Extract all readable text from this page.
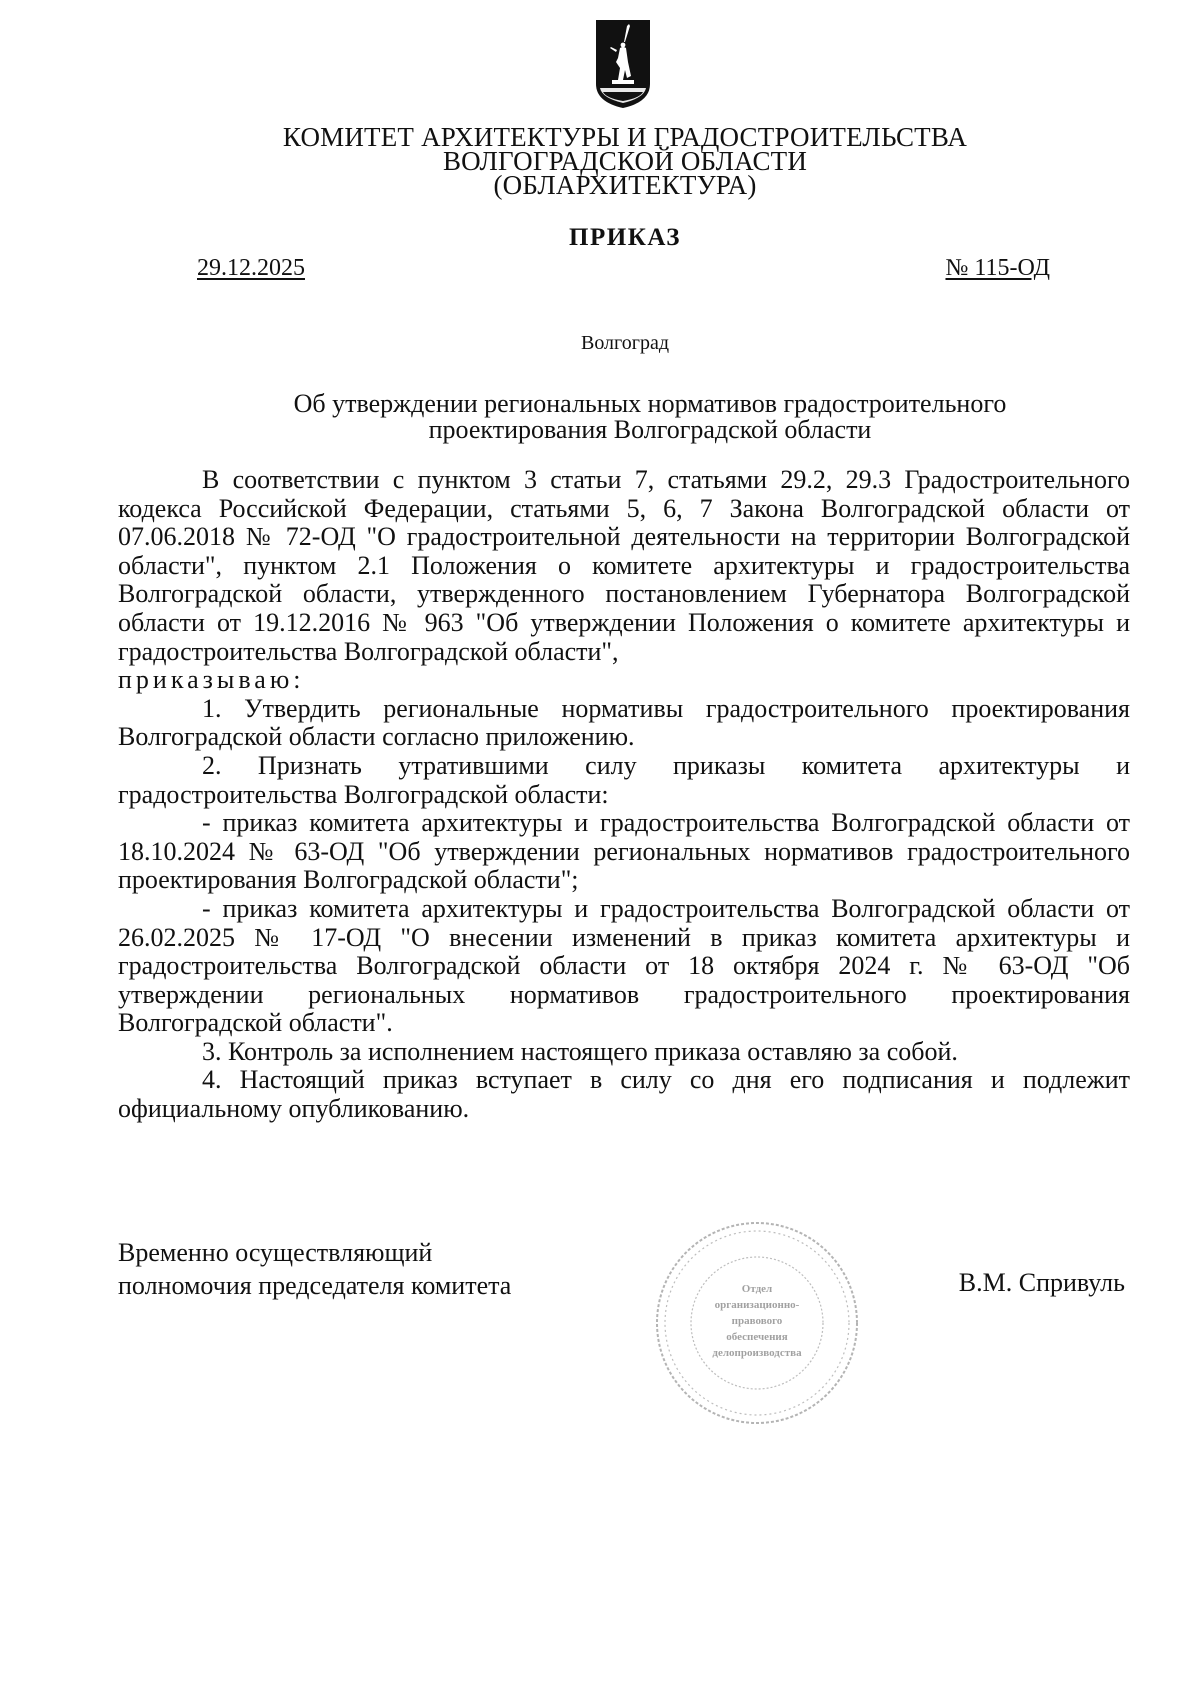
КОМИТЕТ АРХИТЕКТУРЫ И ГРАДОСТРОИТЕЛЬСТВА
ВОЛГОГРАДСКОЙ ОБЛАСТИ
(ОБЛАРХИТЕКТУРА)
ПРИКАЗ
29.12.2025	№ 115-ОД
Волгоград
Об утверждении региональных нормативов градостроительного
проектирования Волгоградской области

В соответствии с пунктом 3 статьи 7, статьями 29.2, 29.3 Градостроительного кодекса Российской Федерации, статьями 5, 6, 7 Закона Волгоградской области от 07.06.2018 № 72-ОД "О градостроительной деятельности на территории Волгоградской области", пунктом 2.1 Положения о комитете архитектуры и градостроительства Волгоградской области, утвержденного постановлением Губернатора Волгоградской области от 19.12.2016 № 963 "Об утверждении Положения о комитете архитектуры и градостроительства Волгоградской области",

приказываю:

1. Утвердить региональные нормативы градостроительного проектирования Волгоградской области согласно приложению.

2. Признать утратившими силу приказы комитета архитектуры и градостроительства Волгоградской области:

- приказ комитета архитектуры и градостроительства Волгоградской области от 18.10.2024 № 63-ОД "Об утверждении региональных нормативов градостроительного проектирования Волгоградской области";

- приказ комитета архитектуры и градостроительства Волгоградской области от 26.02.2025 № 17-ОД "О внесении изменений в приказ комитета архитектуры и градостроительства Волгоградской области от 18 октября 2024 г. № 63-ОД "Об утверждении региональных нормативов градостроительного проектирования Волгоградской области".

3. Контроль за исполнением настоящего приказа оставляю за собой.

4. Настоящий приказ вступает в силу со дня его подписания и подлежит официальному опубликованию.

Временно осуществляющий
полномочия председателя комитета	Отдел
организационно-
правового
обеспечения
делопроизводства
В.М. Спривуль
